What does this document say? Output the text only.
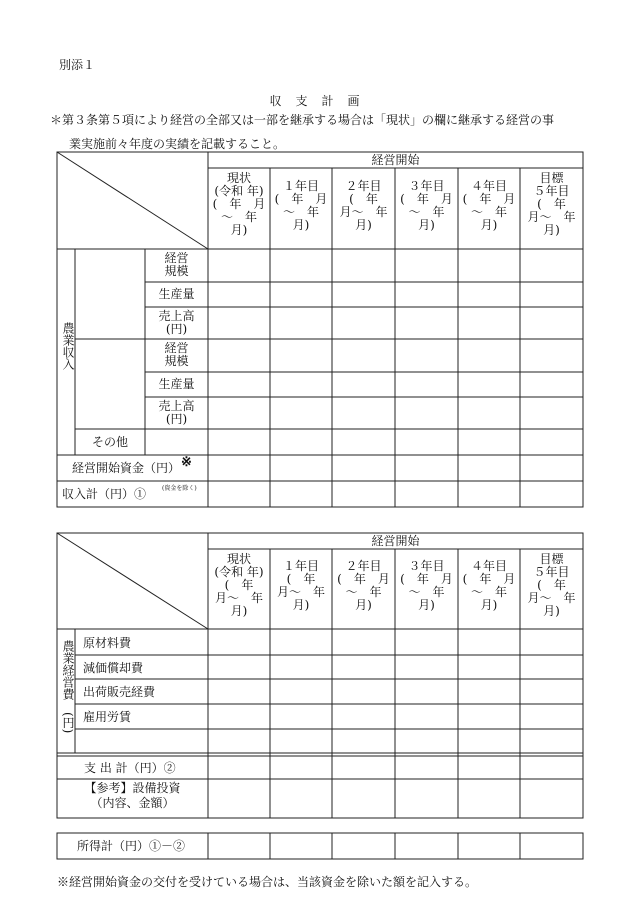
別添１
収　支　計　画
＊第３条第５項により経営の全部又は一部を継承する場合は「現状」の欄に継承する経営の事
業実施前々年度の実績を記載すること。
経営開始
現状
(令和 年)
(　年　月
～　年
月)
１年目
(　年　月
～　年
月)
２年目
(　年
月～　年
月)
３年目
(　年　月
～　年
月)
４年目
(　年　月
～　年
月)
目標
５年目
(　年
月～　年
月)
農業収入
経営
規模
生産量
売上高
(円)
経営
規模
生産量
売上高
(円)
その他
経営開始資金（円） ※
収入計（円）①	(資金を除く)
経営開始
現状
(令和 年)
(　年
月～　年
月)
１年目
(　年
月～　年
月)
２年目
(　年　月
～　年
月)
３年目
(　年　月
～　年
月)
４年目
(　年　月
～　年
月)
目標
５年目
(　年
月～　年
月)
農業経営費
(円)
原材料費
減価償却費
出荷販売経費
雇用労賃
支 出 計（円）②
【参考】設備投資
（内容、金額）
所得計（円）①－②
※経営開始資金の交付を受けている場合は、当該資金を除いた額を記入する。
